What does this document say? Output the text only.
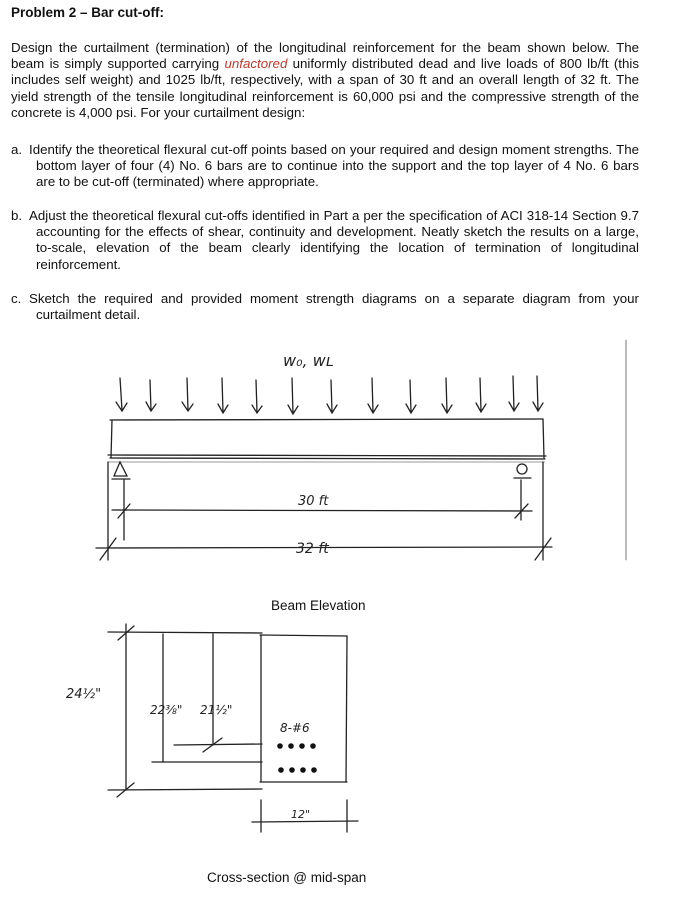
Problem 2 – Bar cut-off:
Design the curtailment (termination) of the longitudinal reinforcement for the beam shown below. The beam is simply supported carrying unfactored uniformly distributed dead and live loads of 800 lb/ft (this includes self weight) and 1025 lb/ft, respectively, with a span of 30 ft and an overall length of 32 ft. The yield strength of the tensile longitudinal reinforcement is 60,000 psi and the compressive strength of the concrete is 4,000 psi. For your curtailment design:
a. Identify the theoretical flexural cut-off points based on your required and design moment strengths. The bottom layer of four (4) No. 6 bars are to continue into the support and the top layer of 4 No. 6 bars are to be cut-off (terminated) where appropriate.
b. Adjust the theoretical flexural cut-offs identified in Part a per the specification of ACI 318-14 Section 9.7 accounting for the effects of shear, continuity and development. Neatly sketch the results on a large, to-scale, elevation of the beam clearly identifying the location of termination of longitudinal reinforcement.
c. Sketch the required and provided moment strength diagrams on a separate diagram from your curtailment detail.
w₀, wʟ
30 ft
32 ft
24½"
22⅜" 21½"
8-#6
12"
Beam Elevation
Cross-section @ mid-span
